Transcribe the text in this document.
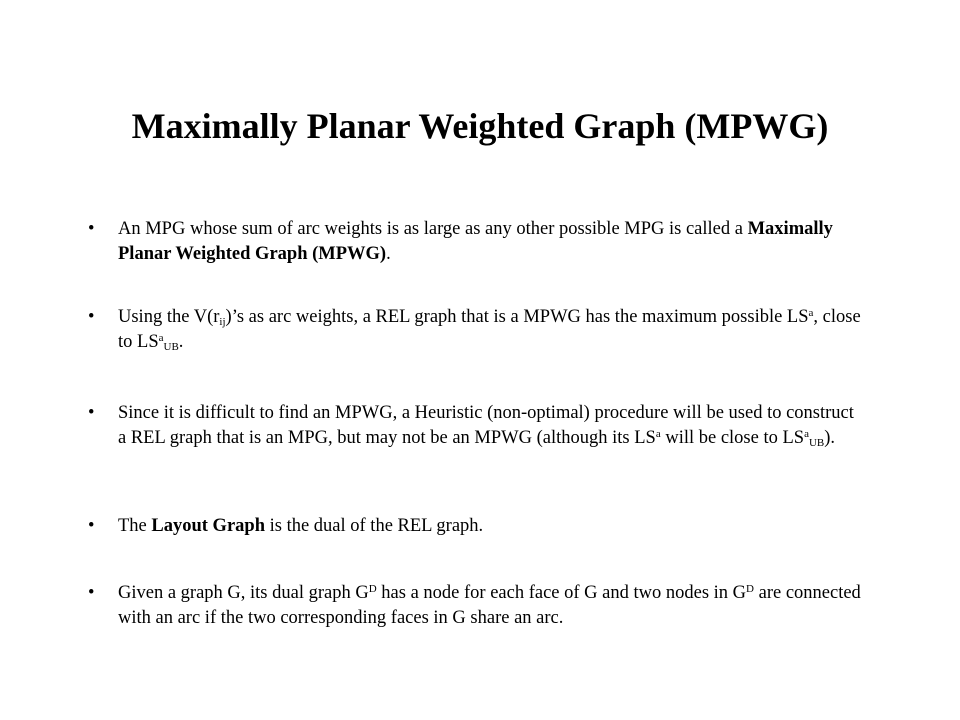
Maximally Planar Weighted Graph (MPWG)
•	An MPG whose sum of arc weights is as large as any other possible MPG is called a Maximally Planar Weighted Graph (MPWG).
•	Using the $V(r_{ij})’s$ as arc weights, a REL graph that is a MPWG has the maximum possible $LS^a$, close to $LS^a_{UB}$.
•	Since it is difficult to find an MPWG, a Heuristic (non-optimal) procedure will be used to construct a REL graph that is an MPG, but may not be an MPWG (although its $LS^a$ will be close to $LS^a_{UB}$).
•	The Layout Graph is the dual of the REL graph.
•	Given a graph G, its dual graph $G^D$ has a node for each face of G and two nodes in $G^D$ are connected with an arc if the two corresponding faces in G share an arc.
